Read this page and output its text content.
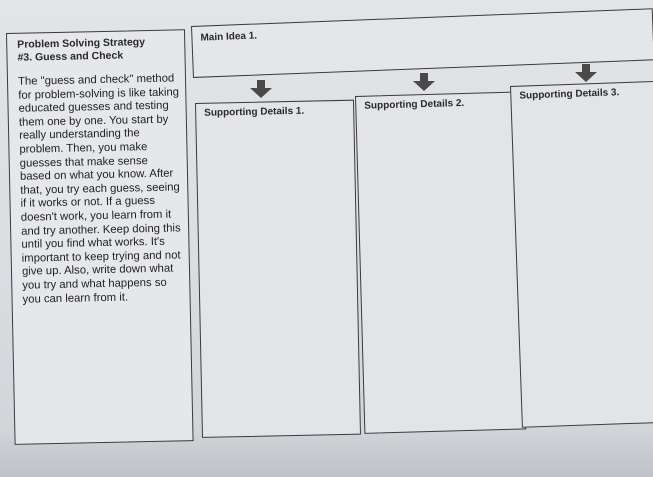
Problem Solving Strategy
#3. Guess and Check
The "guess and check" method for problem-solving is like taking educated guesses and testing them one by one. You start by really understanding the problem. Then, you make guesses that make sense based on what you know. After that, you try each guess, seeing if it works or not. If a guess doesn't work, you learn from it and try another. Keep doing this until you find what works. It's important to keep trying and not give up. Also, write down what you try and what happens so you can learn from it.
Main Idea 1.
Supporting Details 1.
Supporting Details 2.
Supporting Details 3.
